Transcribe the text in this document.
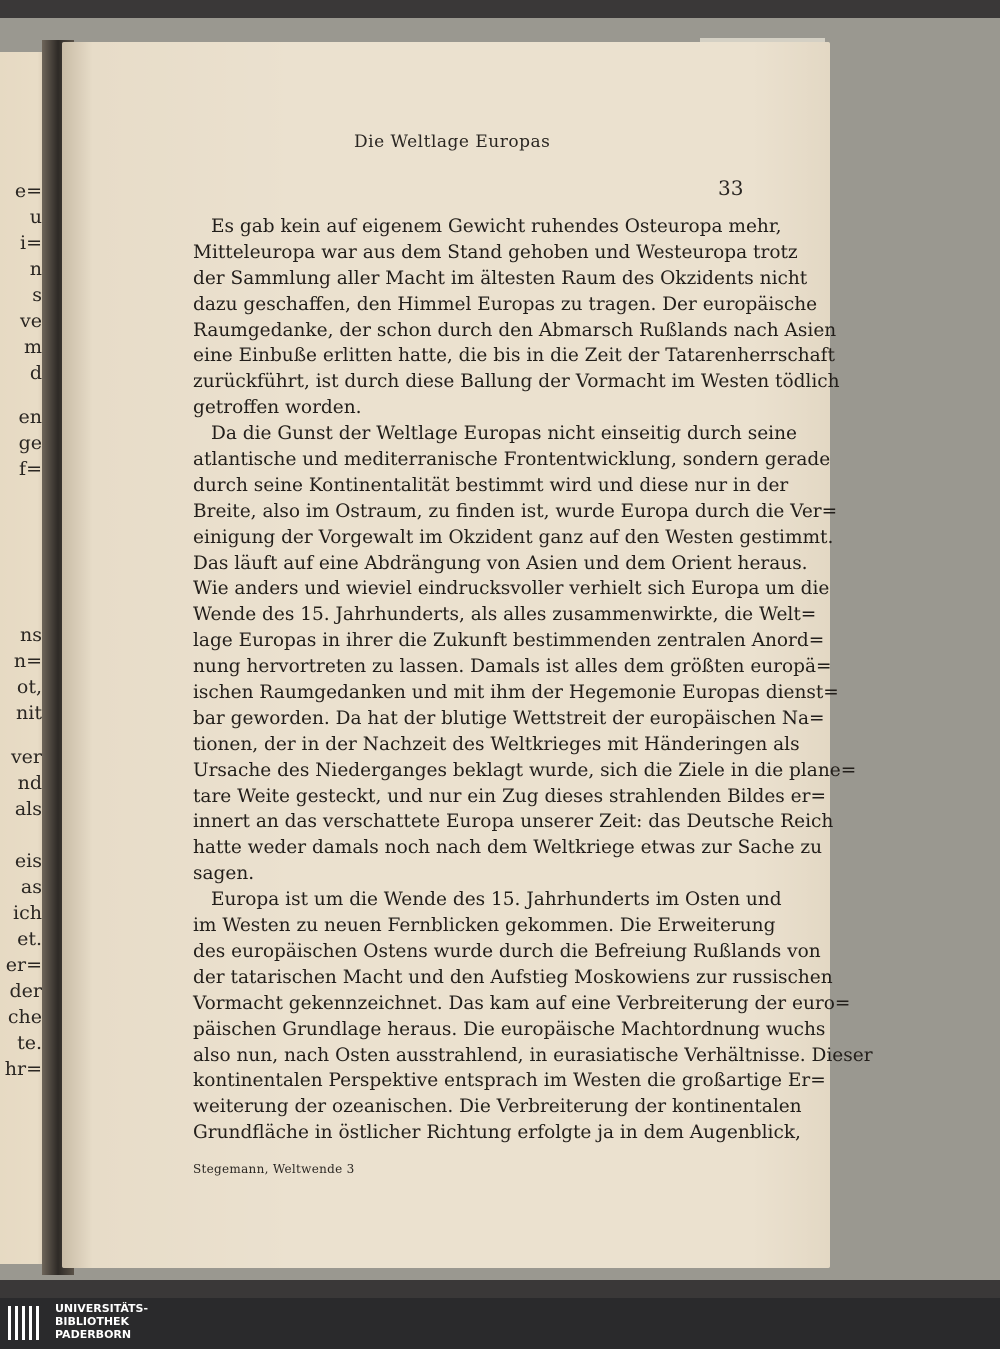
e=

u

i=

n

s

ve

m

d

en

ge

f=

ns

n=

ot,

nit

ver

nd

als

eis

as

ich

et.

er=

der

che

te.

hr=

Die Weltlage Europas

33

Es gab kein auf eigenem Gewicht ruhendes Osteuropa mehr,
Mitteleuropa war aus dem Stand gehoben und Westeuropa trotz
der Sammlung aller Macht im ältesten Raum des Okzidents nicht
dazu geschaffen, den Himmel Europas zu tragen. Der europäische
Raumgedanke, der schon durch den Abmarsch Rußlands nach Asien
eine Einbuße erlitten hatte, die bis in die Zeit der Tatarenherrschaft
zurückführt, ist durch diese Ballung der Vormacht im Westen tödlich
getroffen worden.
Da die Gunst der Weltlage Europas nicht einseitig durch seine
atlantische und mediterranische Frontentwicklung, sondern gerade
durch seine Kontinentalität bestimmt wird und diese nur in der
Breite, also im Ostraum, zu finden ist, wurde Europa durch die Ver=
einigung der Vorgewalt im Okzident ganz auf den Westen gestimmt.
Das läuft auf eine Abdrängung von Asien und dem Orient heraus.
Wie anders und wieviel eindrucksvoller verhielt sich Europa um die
Wende des 15. Jahrhunderts, als alles zusammenwirkte, die Welt=
lage Europas in ihrer die Zukunft bestimmenden zentralen Anord=
nung hervortreten zu lassen. Damals ist alles dem größten europä=
ischen Raumgedanken und mit ihm der Hegemonie Europas dienst=
bar geworden. Da hat der blutige Wettstreit der europäischen Na=
tionen, der in der Nachzeit des Weltkrieges mit Händeringen als
Ursache des Niederganges beklagt wurde, sich die Ziele in die plane=
tare Weite gesteckt, und nur ein Zug dieses strahlenden Bildes er=
innert an das verschattete Europa unserer Zeit: das Deutsche Reich
hatte weder damals noch nach dem Weltkriege etwas zur Sache zu
sagen.
Europa ist um die Wende des 15. Jahrhunderts im Osten und
im Westen zu neuen Fernblicken gekommen. Die Erweiterung
des europäischen Ostens wurde durch die Befreiung Rußlands von
der tatarischen Macht und den Aufstieg Moskowiens zur russischen
Vormacht gekennzeichnet. Das kam auf eine Verbreiterung der euro=
päischen Grundlage heraus. Die europäische Machtordnung wuchs
also nun, nach Osten ausstrahlend, in eurasiatische Verhältnisse. Dieser
kontinentalen Perspektive entsprach im Westen die großartige Er=
weiterung der ozeanischen. Die Verbreiterung der kontinentalen
Grundfläche in östlicher Richtung erfolgte ja in dem Augenblick,

Stegemann, Weltwende 3

UNIVERSITÄTS-
BIBLIOTHEK
PADERBORN
